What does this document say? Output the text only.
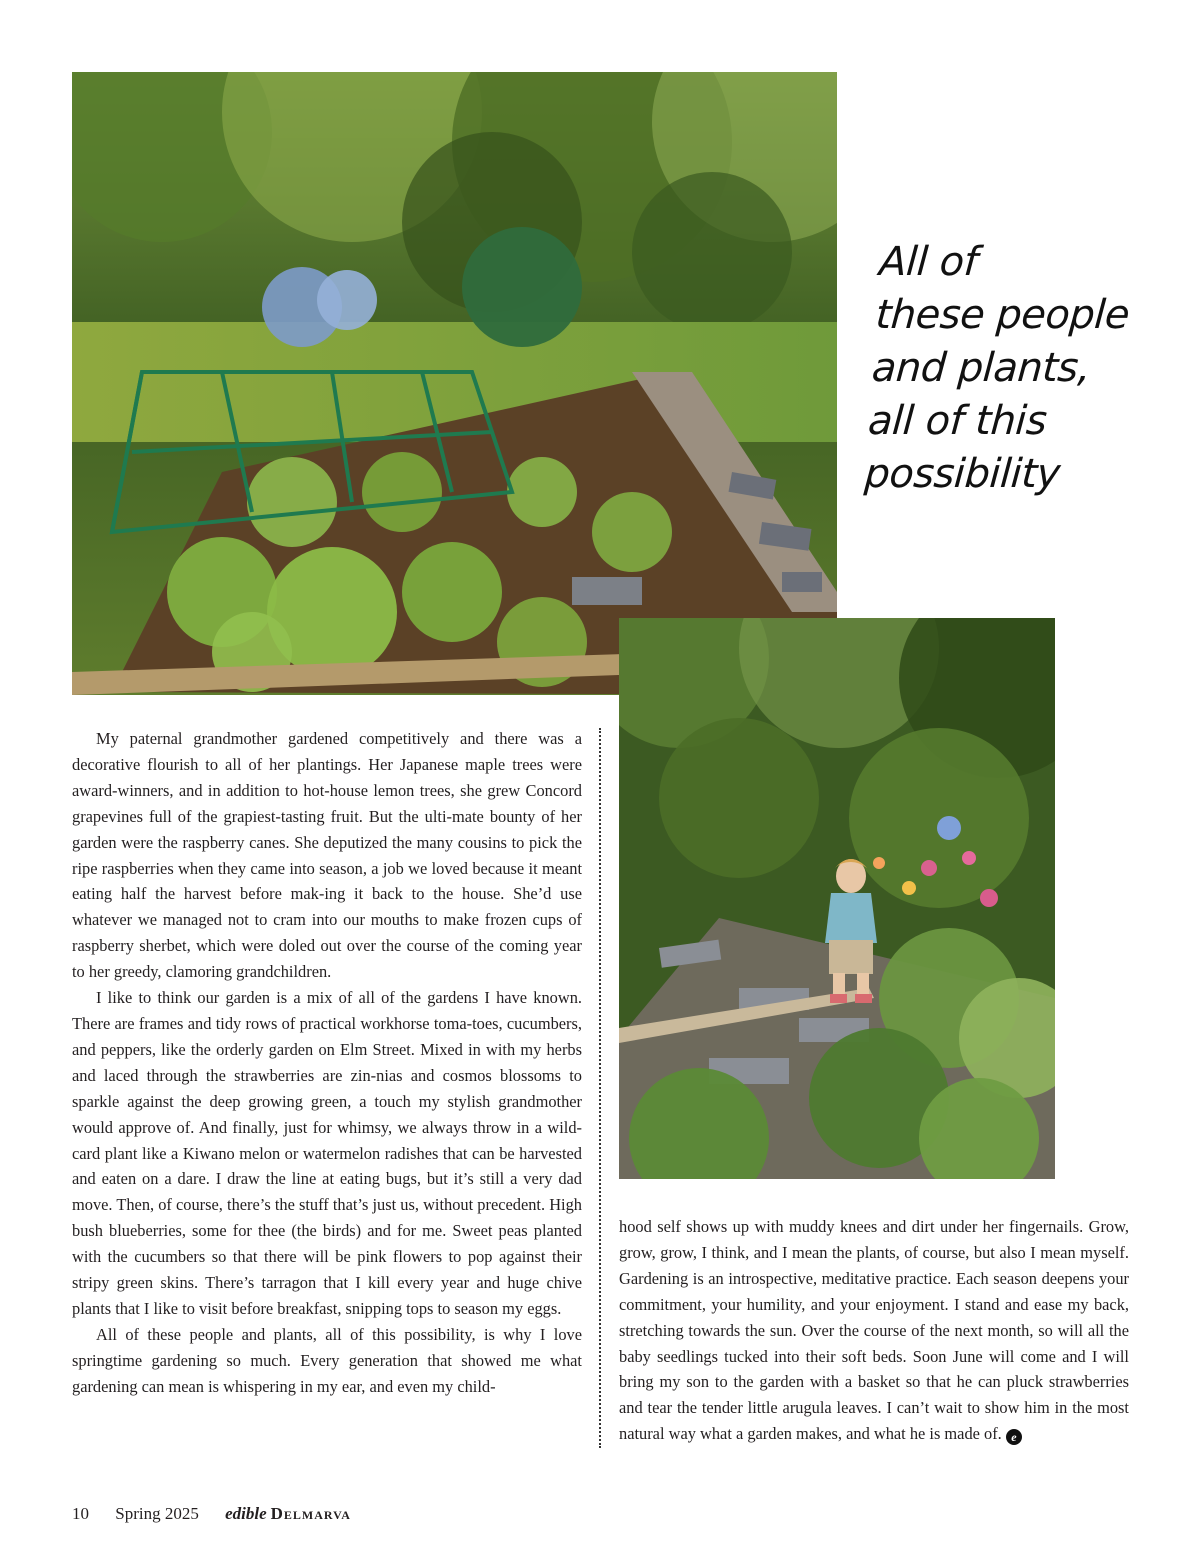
All of
these people
and plants,
all of this
possibility

My paternal grandmother gardened competitively and there was a decorative flourish to all of her plantings. Her Japanese maple trees were award-winners, and in addition to hot-house lemon trees, she grew Concord grapevines full of the grapiest-tasting fruit. But the ulti-mate bounty of her garden were the raspberry canes. She deputized the many cousins to pick the ripe raspberries when they came into season, a job we loved because it meant eating half the harvest before mak-ing it back to the house. She’d use whatever we managed not to cram into our mouths to make frozen cups of raspberry sherbet, which were doled out over the course of the coming year to her greedy, clamoring grandchildren.

I like to think our garden is a mix of all of the gardens I have known. There are frames and tidy rows of practical workhorse toma-toes, cucumbers, and peppers, like the orderly garden on Elm Street. Mixed in with my herbs and laced through the strawberries are zin-nias and cosmos blossoms to sparkle against the deep growing green, a touch my stylish grandmother would approve of. And finally, just for whimsy, we always throw in a wild-card plant like a Kiwano melon or watermelon radishes that can be harvested and eaten on a dare. I draw the line at eating bugs, but it’s still a very dad move. Then, of course, there’s the stuff that’s just us, without precedent. High bush blueberries, some for thee (the birds) and for me. Sweet peas planted with the cucumbers so that there will be pink flowers to pop against their stripy green skins. There’s tarragon that I kill every year and huge chive plants that I like to visit before breakfast, snipping tops to season my eggs.

All of these people and plants, all of this possibility, is why I love springtime gardening so much. Every generation that showed me what gardening can mean is whispering in my ear, and even my child-

hood self shows up with muddy knees and dirt under her fingernails. Grow, grow, grow, I think, and I mean the plants, of course, but also I mean myself. Gardening is an introspective, meditative practice. Each season deepens your commitment, your humility, and your enjoyment. I stand and ease my back, stretching towards the sun. Over the course of the next month, so will all the baby seedlings tucked into their soft beds. Soon June will come and I will bring my son to the garden with a basket so that he can pluck strawberries and tear the tender little arugula leaves. I can’t wait to show him in the most natural way what a garden makes, and what he is made of. e

10 Spring 2025 edible Delmarva
